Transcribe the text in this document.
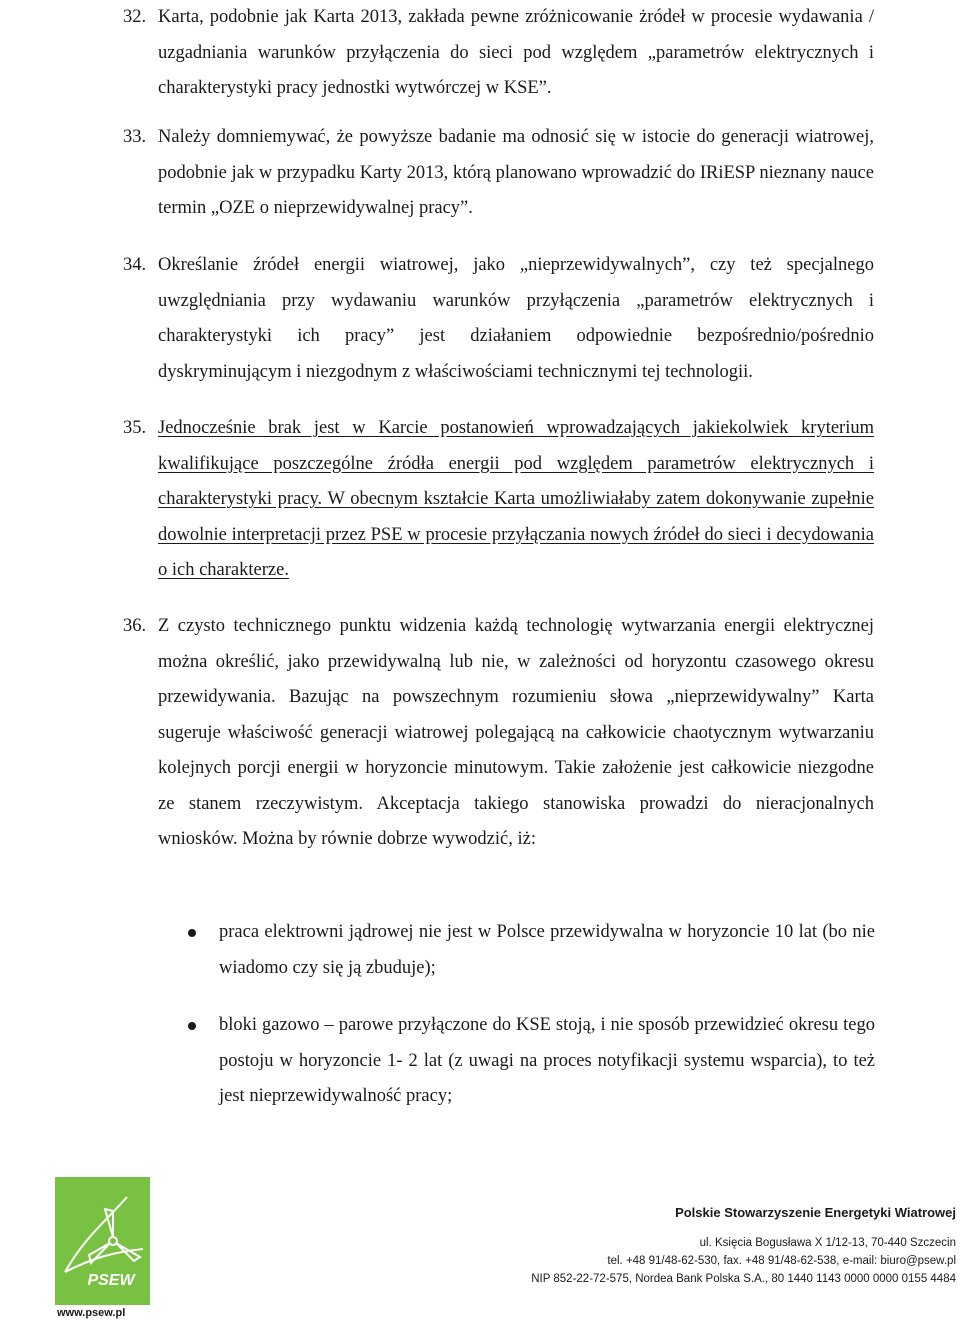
32. Karta, podobnie jak Karta 2013, zakłada pewne zróżnicowanie żródeł w procesie wydawania / uzgadniania warunków przyłączenia do sieci pod względem „parametrów elektrycznych i charakterystyki pracy jednostki wytwórczej w KSE”.

33. Należy domniemywać, że powyższe badanie ma odnosić się w istocie do generacji wiatrowej, podobnie jak w przypadku Karty 2013, którą planowano wprowadzić do IRiESP nieznany nauce termin „OZE o nieprzewidywalnej pracy”.

34. Określanie źródeł energii wiatrowej, jako „nieprzewidywalnych”, czy też specjalnego uwzględniania przy wydawaniu warunków przyłączenia „parametrów elektrycznych i charakterystyki ich pracy” jest działaniem odpowiednie bezpośrednio/pośrednio dyskryminującym i niezgodnym z właściwościami technicznymi tej technologii.

35. Jednocześnie brak jest w Karcie postanowień wprowadzających jakiekolwiek kryterium kwalifikujące poszczególne źródła energii pod względem parametrów elektrycznych i charakterystyki pracy. W obecnym kształcie Karta umożliwiałaby zatem dokonywanie zupełnie dowolnie interpretacji przez PSE w procesie przyłączania nowych źródeł do sieci i decydowania o ich charakterze.

36. Z czysto technicznego punktu widzenia każdą technologię wytwarzania energii elektrycznej można określić, jako przewidywalną lub nie, w zależności od horyzontu czasowego okresu przewidywania. Bazując na powszechnym rozumieniu słowa „nieprzewidywalny” Karta sugeruje właściwość generacji wiatrowej polegającą na całkowicie chaotycznym wytwarzaniu kolejnych porcji energii w horyzoncie minutowym. Takie założenie jest całkowicie niezgodne ze stanem rzeczywistym. Akceptacja takiego stanowiska prowadzi do nieracjonalnych wniosków. Można by równie dobrze wywodzić, iż:

praca elektrowni jądrowej nie jest w Polsce przewidywalna w horyzoncie 10 lat (bo nie wiadomo czy się ją zbuduje);
bloki gazowo – parowe przyłączone do KSE stoją, i nie sposób przewidzieć okresu tego postoju w horyzoncie 1- 2 lat (z uwagi na proces notyfikacji systemu wsparcia), to też jest nieprzewidywalność pracy;
PSEW
www.psew.pl
Polskie Stowarzyszenie Energetyki Wiatrowej
ul. Księcia Bogusława X 1/12-13, 70-440 Szczecin
tel. +48 91/48-62-530, fax. +48 91/48-62-538, e-mail: biuro@psew.pl
NIP 852-22-72-575, Nordea Bank Polska S.A., 80 1440 1143 0000 0000 0155 4484
